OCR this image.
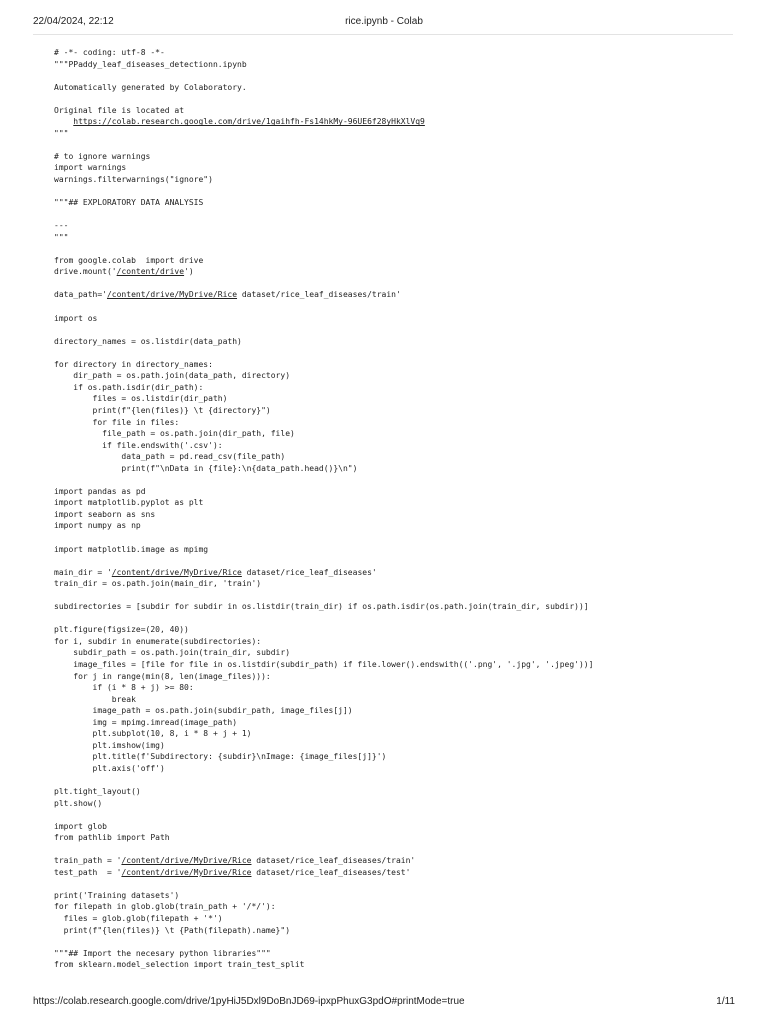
22/04/2024, 22:12	rice.ipynb - Colab
# -*- coding: utf-8 -*-
"""PPaddy_leaf_diseases_detectionn.ipynb
Automatically generated by Colaboratory.
Original file is located at
https://colab.research.google.com/drive/1gaihfh-Fs14hkMy-96UE6f28yHkXlVq9
"""
# to ignore warnings
import warnings
warnings.filterwarnings("ignore")
"""## EXPLORATORY DATA ANALYSIS
---
"""
from google.colab  import drive
drive.mount('/content/drive')
data_path='/content/drive/MyDrive/Rice dataset/rice_leaf_diseases/train'
import os
directory_names = os.listdir(data_path)
for directory in directory_names:
dir_path = os.path.join(data_path, directory)
if os.path.isdir(dir_path):
files = os.listdir(dir_path)
print(f"{len(files)} \t {directory}")
for file in files:
file_path = os.path.join(dir_path, file)
if file.endswith('.csv'):
data_path = pd.read_csv(file_path)
print(f"\nData in {file}:\n{data_path.head()}\n")
import pandas as pd
import matplotlib.pyplot as plt
import seaborn as sns
import numpy as np
import matplotlib.image as mpimg
main_dir = '/content/drive/MyDrive/Rice dataset/rice_leaf_diseases'
train_dir = os.path.join(main_dir, 'train')
subdirectories = [subdir for subdir in os.listdir(train_dir) if os.path.isdir(os.path.join(train_dir, subdir))]
plt.figure(figsize=(20, 40))
for i, subdir in enumerate(subdirectories):
subdir_path = os.path.join(train_dir, subdir)
image_files = [file for file in os.listdir(subdir_path) if file.lower().endswith(('.png', '.jpg', '.jpeg'))]
for j in range(min(8, len(image_files))):
if (i * 8 + j) >= 80:
break
image_path = os.path.join(subdir_path, image_files[j])
img = mpimg.imread(image_path)
plt.subplot(10, 8, i * 8 + j + 1)
plt.imshow(img)
plt.title(f'Subdirectory: {subdir}\nImage: {image_files[j]}')
plt.axis('off')
plt.tight_layout()
plt.show()
import glob
from pathlib import Path
train_path = '/content/drive/MyDrive/Rice dataset/rice_leaf_diseases/train'
test_path  = '/content/drive/MyDrive/Rice dataset/rice_leaf_diseases/test'
print('Training datasets')
for filepath in glob.glob(train_path + '/*/'):
files = glob.glob(filepath + '*')
print(f"{len(files)} \t {Path(filepath).name}")
"""## Import the necesary python libraries"""
from sklearn.model_selection import train_test_split
https://colab.research.google.com/drive/1pyHiJ5Dxl9DoBnJD69-ipxpPhuxG3pdO#printMode=true	1/11
